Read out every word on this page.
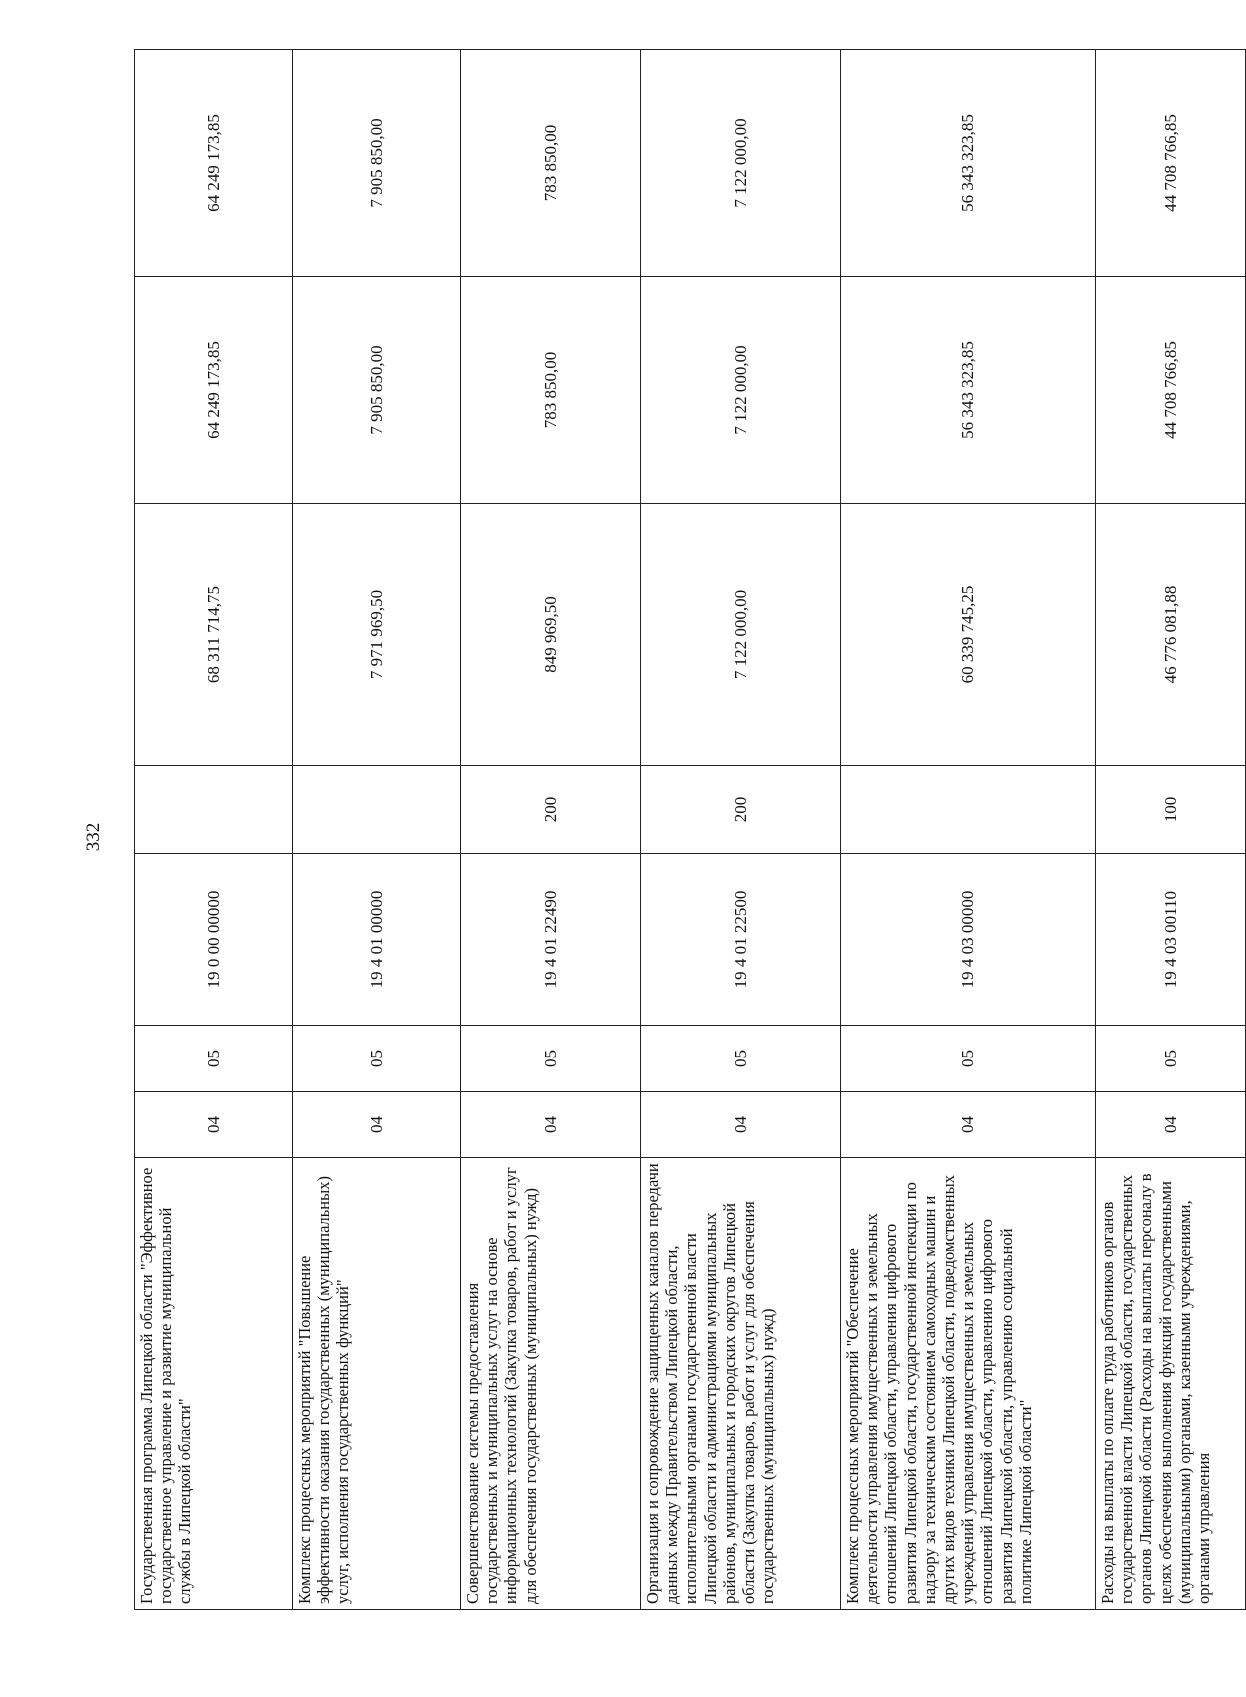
332
Государственная программа Липецкой области "Эффективное государственное управление и развитие муниципальной службы в Липецкой области"	04	05	19 0 00 00000		68 311 714,75	64 249 173,85	64 249 173,85
Комплекс процессных мероприятий "Повышение эффективности оказания государственных (муниципальных) услуг, исполнения государственных функций"	04	05	19 4 01 00000		7 971 969,50	7 905 850,00	7 905 850,00
Совершенствование системы предоставления государственных и муниципальных услуг на основе информационных технологий (Закупка товаров, работ и услуг для обеспечения государственных (муниципальных) нужд)	04	05	19 4 01 22490	200	849 969,50	783 850,00	783 850,00
Организация и сопровождение защищенных каналов передачи данных между Правительством Липецкой области, исполнительными органами государственной власти Липецкой области и администрациями муниципальных районов, муниципальных и городских округов Липецкой области (Закупка товаров, работ и услуг для обеспечения государственных (муниципальных) нужд)	04	05	19 4 01 22500	200	7 122 000,00	7 122 000,00	7 122 000,00
Комплекс процессных мероприятий "Обеспечение деятельности управления имущественных и земельных отношений Липецкой области, управления цифрового развития Липецкой области, государственной инспекции по надзору за техническим состоянием самоходных машин и других видов техники Липецкой области, подведомственных учреждений управления имущественных и земельных отношений Липецкой области, управлению цифрового развития Липецкой области, управлению социальной политике Липецкой области"	04	05	19 4 03 00000		60 339 745,25	56 343 323,85	56 343 323,85
Расходы на выплаты по оплате труда работников органов государственной власти Липецкой области, государственных органов Липецкой области (Расходы на выплаты персоналу в целях обеспечения выполнения функций государственными (муниципальными) органами, казенными учреждениями, органами управления	04	05	19 4 03 00110	100	46 776 081,88	44 708 766,85	44 708 766,85
